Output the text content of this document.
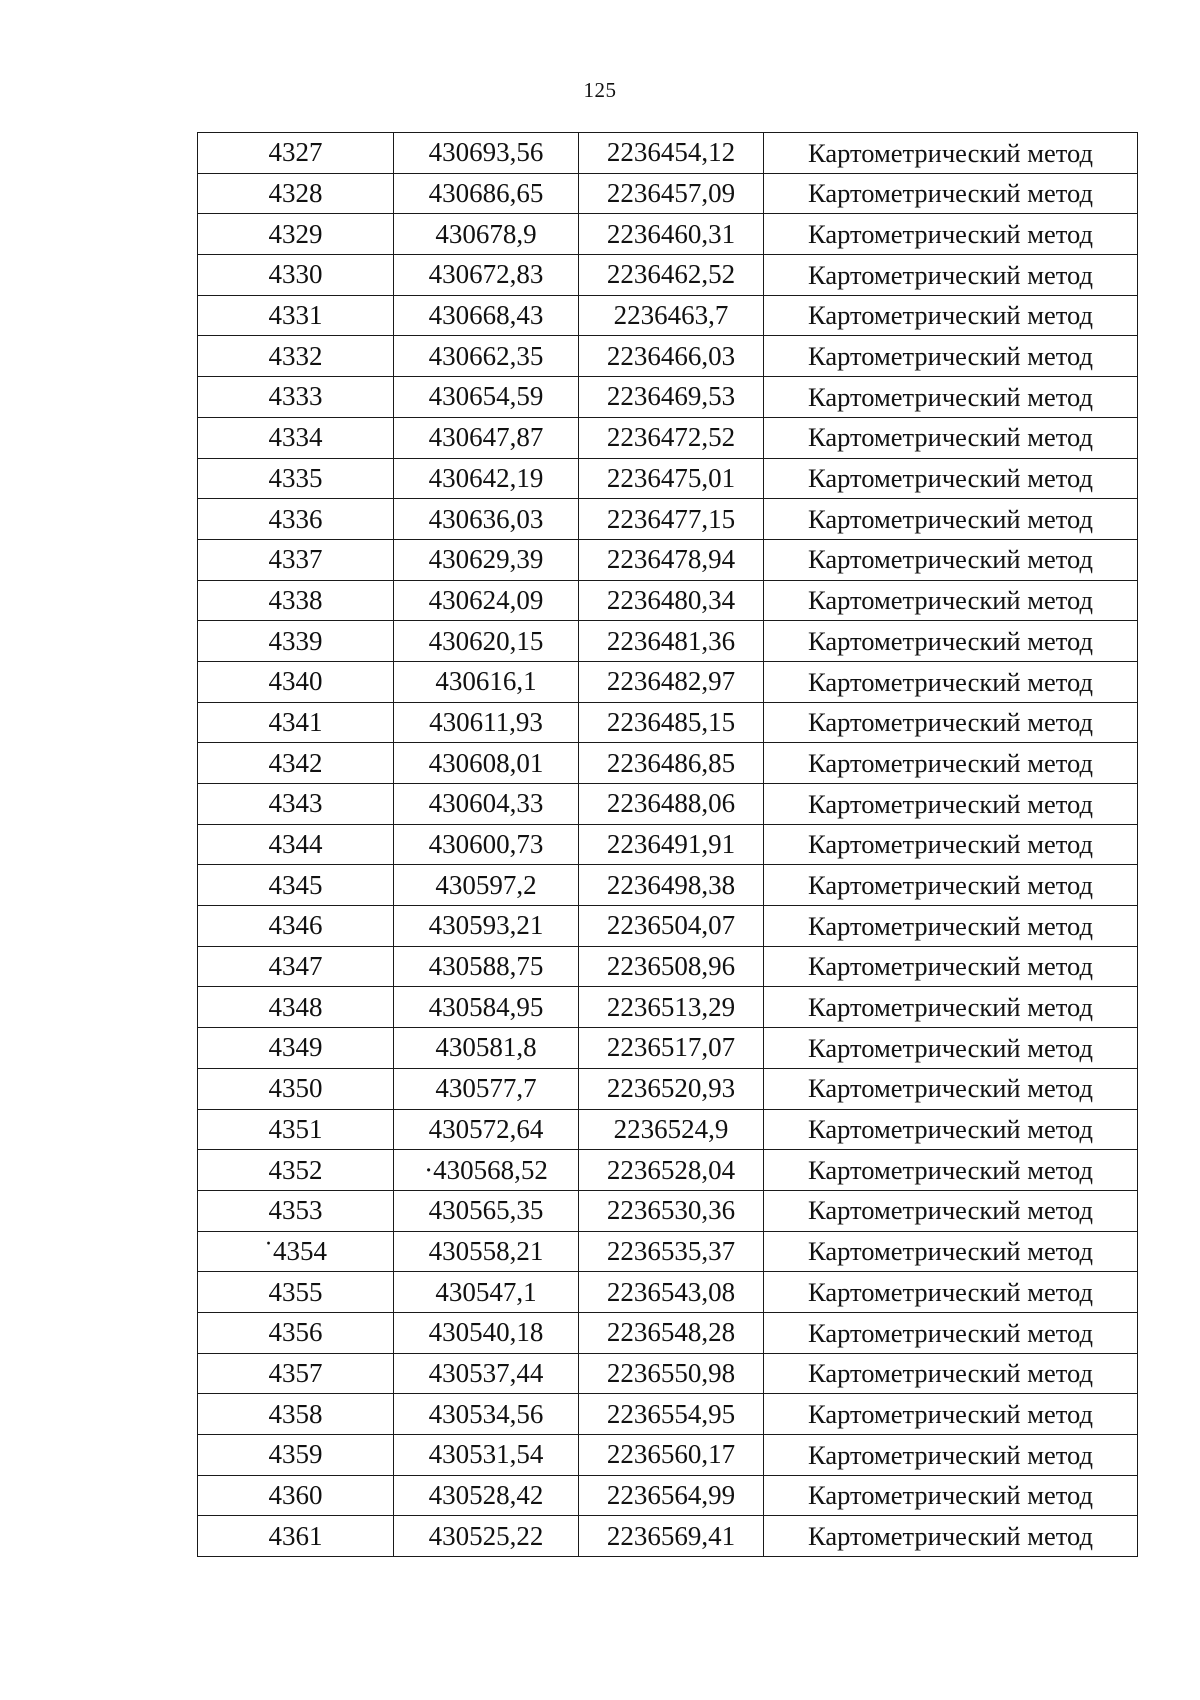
125
4327	430693,56	2236454,12	Картометрический метод
4328	430686,65	2236457,09	Картометрический метод
4329	430678,9	2236460,31	Картометрический метод
4330	430672,83	2236462,52	Картометрический метод
4331	430668,43	2236463,7	Картометрический метод
4332	430662,35	2236466,03	Картометрический метод
4333	430654,59	2236469,53	Картометрический метод
4334	430647,87	2236472,52	Картометрический метод
4335	430642,19	2236475,01	Картометрический метод
4336	430636,03	2236477,15	Картометрический метод
4337	430629,39	2236478,94	Картометрический метод
4338	430624,09	2236480,34	Картометрический метод
4339	430620,15	2236481,36	Картометрический метод
4340	430616,1	2236482,97	Картометрический метод
4341	430611,93	2236485,15	Картометрический метод
4342	430608,01	2236486,85	Картометрический метод
4343	430604,33	2236488,06	Картометрический метод
4344	430600,73	2236491,91	Картометрический метод
4345	430597,2	2236498,38	Картометрический метод
4346	430593,21	2236504,07	Картометрический метод
4347	430588,75	2236508,96	Картометрический метод
4348	430584,95	2236513,29	Картометрический метод
4349	430581,8	2236517,07	Картометрический метод
4350	430577,7	2236520,93	Картометрический метод
4351	430572,64	2236524,9	Картометрический метод
4352	·430568,52	2236528,04	Картометрический метод
4353	430565,35	2236530,36	Картометрический метод
˙4354	430558,21	2236535,37	Картометрический метод
4355	430547,1	2236543,08	Картометрический метод
4356	430540,18	2236548,28	Картометрический метод
4357	430537,44	2236550,98	Картометрический метод
4358	430534,56	2236554,95	Картометрический метод
4359	430531,54	2236560,17	Картометрический метод
4360	430528,42	2236564,99	Картометрический метод
4361	430525,22	2236569,41	Картометрический метод
